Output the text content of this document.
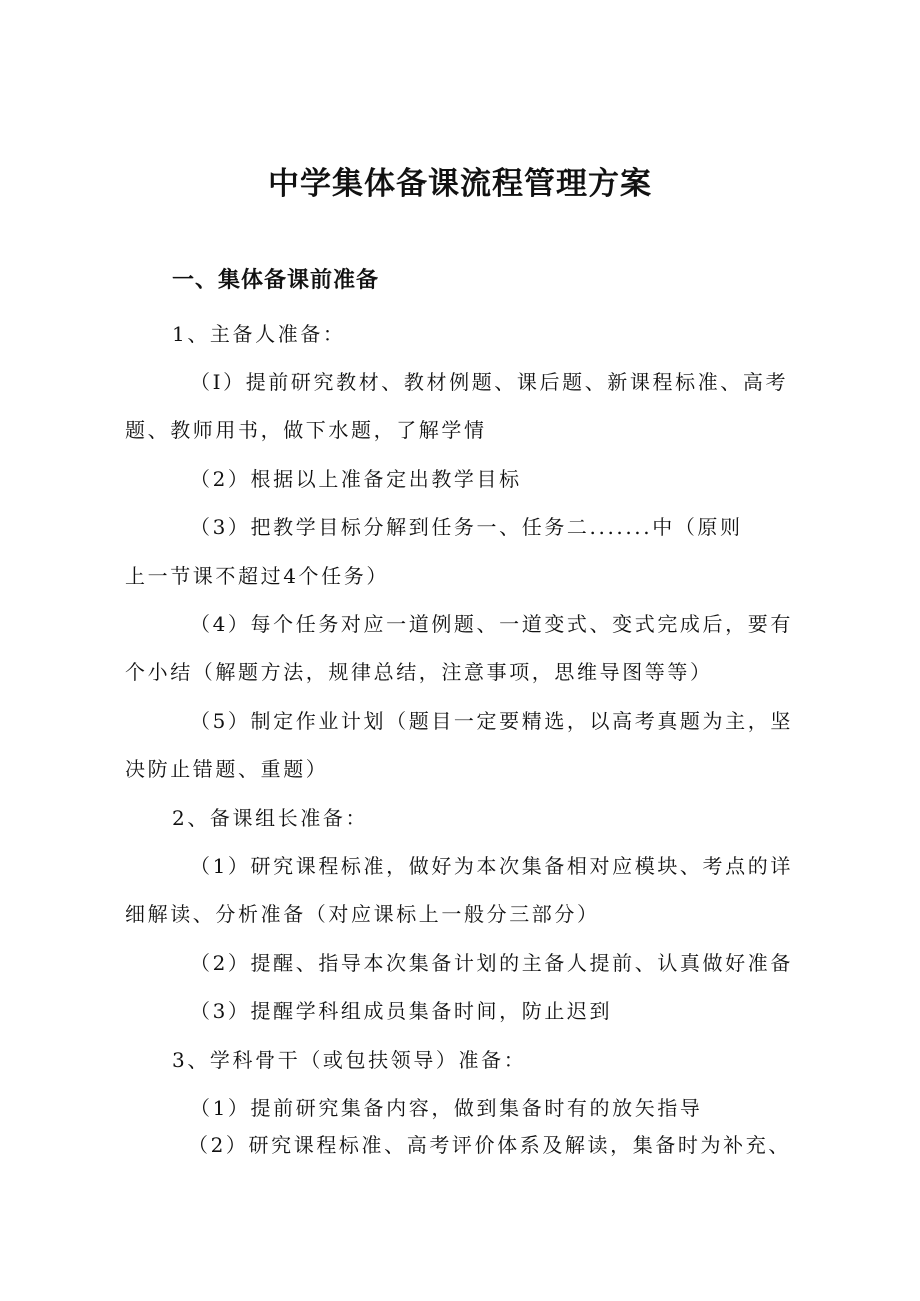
中学集体备课流程管理方案
一、集体备课前准备
1、主备人准备：
（I）提前研究教材、教材例题、课后题、新课程标准、高考
题、教师用书，做下水题，了解学情
（2）根据以上准备定出教学目标
（3）把教学目标分解到任务一、任务二.......中（原则
上一节课不超过4个任务）
（4）每个任务对应一道例题、一道变式、变式完成后，要有
个小结（解题方法，规律总结，注意事项，思维导图等等）
（5）制定作业计划（题目一定要精选，以高考真题为主，坚
决防止错题、重题）
2、备课组长准备：
（1）研究课程标准，做好为本次集备相对应模块、考点的详
细解读、分析准备（对应课标上一般分三部分）
（2）提醒、指导本次集备计划的主备人提前、认真做好准备
（3）提醒学科组成员集备时间，防止迟到
3、学科骨干（或包扶领导）准备：
（1）提前研究集备内容，做到集备时有的放矢指导
（2）研究课程标准、高考评价体系及解读，集备时为补充、
